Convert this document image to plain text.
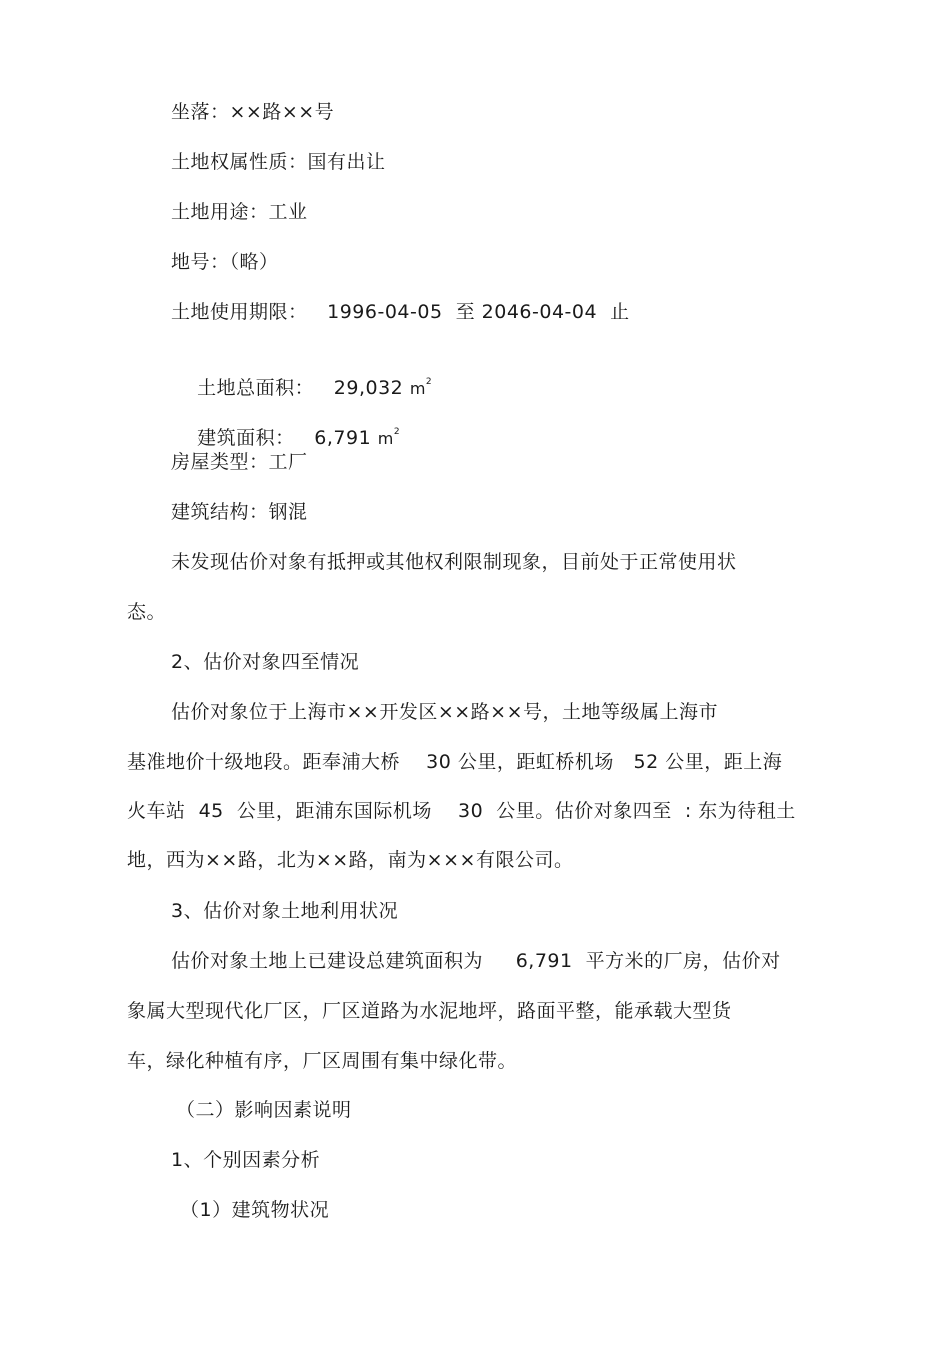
坐落：××路××号
土地权属性质：国有出让
土地用途：工业
地号：（略）
土地使用期限：   1996-04-05  至 2046-04-04  止

土地总面积：   29,032 $m^2$

建筑面积：   6,791 $m^2$

房屋类型：工厂
建筑结构：钢混
未发现估价对象有抵押或其他权利限制现象，目前处于正常使用状
态。
2、估价对象四至情况
估价对象位于上海市××开发区××路××号，土地等级属上海市
基准地价十级地段。距奉浦大桥    30 公里，距虹桥机场   52 公里，距上海
火车站  45  公里，距浦东国际机场    30  公里。估价对象四至  : 东为待租土
地，西为××路，北为××路，南为×××有限公司。
3、估价对象土地利用状况
估价对象土地上已建设总建筑面积为     6,791  平方米的厂房，估价对
象属大型现代化厂区，厂区道路为水泥地坪，路面平整，能承载大型货
车，绿化种植有序，厂区周围有集中绿化带。
（二）影响因素说明
1、个别因素分析
（1）建筑物状况
